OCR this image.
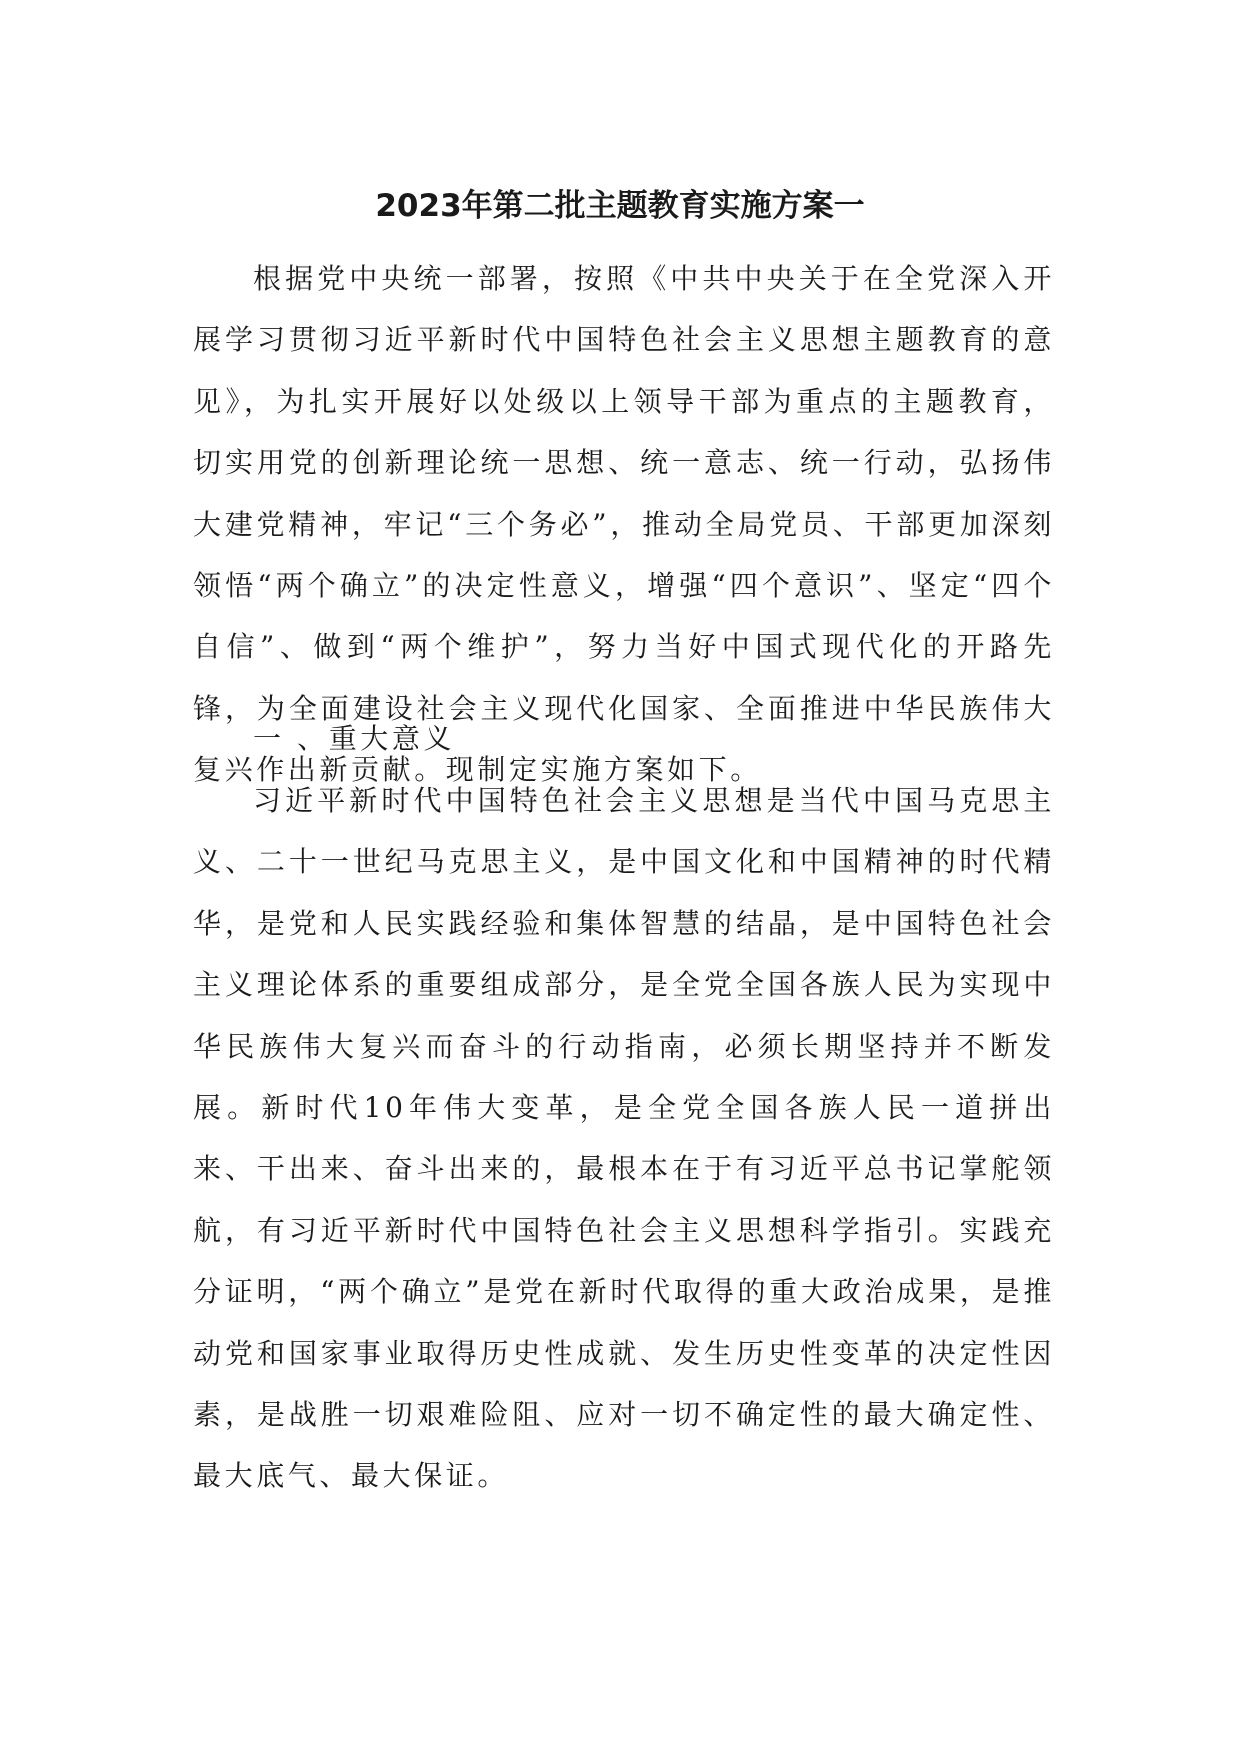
2023年第二批主题教育实施方案一

根据党中央统一部署，按照《中共中央关于在全党深入开展学习贯彻习近平新时代中国特色社会主义思想主题教育的意见》，为扎实开展好以处级以上领导干部为重点的主题教育，切实用党的创新理论统一思想、统一意志、统一行动，弘扬伟大建党精神，牢记“三个务必”，推动全局党员、干部更加深刻领悟“两个确立”的决定性意义，增强“四个意识”、坚定“四个自信”、做到“两个维护”，努力当好中国式现代化的开路先锋，为全面建设社会主义现代化国家、全面推进中华民族伟大复兴作出新贡献。现制定实施方案如下。

一 、重大意义

习近平新时代中国特色社会主义思想是当代中国马克思主义、二十一世纪马克思主义，是中国文化和中国精神的时代精华，是党和人民实践经验和集体智慧的结晶，是中国特色社会主义理论体系的重要组成部分，是全党全国各族人民为实现中华民族伟大复兴而奋斗的行动指南，必须长期坚持并不断发展。新时代10年伟大变革，是全党全国各族人民一道拼出来、干出来、奋斗出来的，最根本在于有习近平总书记掌舵领航，有习近平新时代中国特色社会主义思想科学指引。实践充分证明，“两个确立”是党在新时代取得的重大政治成果，是推动党和国家事业取得历史性成就、发生历史性变革的决定性因素，是战胜一切艰难险阻、应对一切不确定性的最大确定性、最大底气、最大保证。
